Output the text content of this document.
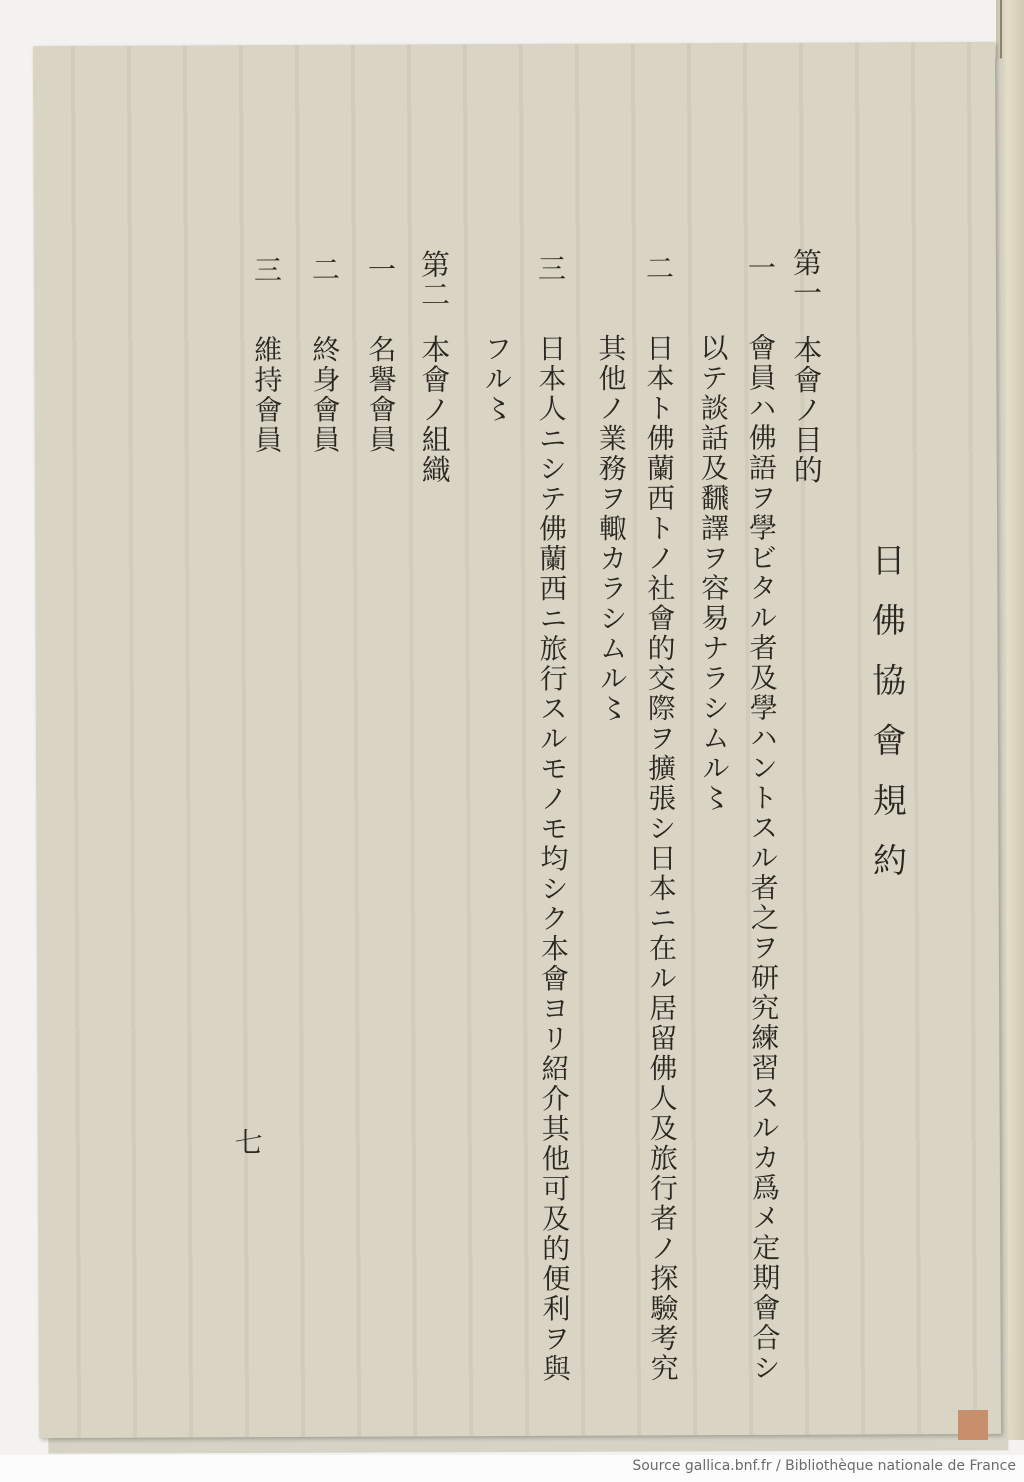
日佛協會規約
第一
本會ノ目的
一
會員ハ佛語ヲ學ビタル者及學ハントスル者之ヲ研究練習スルカ爲メ定期會合シ
以テ談話及飜譯ヲ容易ナラシムル〻
二
日本ト佛蘭西トノ社會的交際ヲ擴張シ日本ニ在ル居留佛人及旅行者ノ探驗考究
其他ノ業務ヲ輙カラシムル〻
三
日本人ニシテ佛蘭西ニ旅行スルモノモ均シク本會ヨリ紹介其他可及的便利ヲ與
フル〻
第二
本會ノ組織
一
名譽會員
二
終身會員
三
維持會員
七
Source gallica.bnf.fr / Bibliothèque nationale de France
